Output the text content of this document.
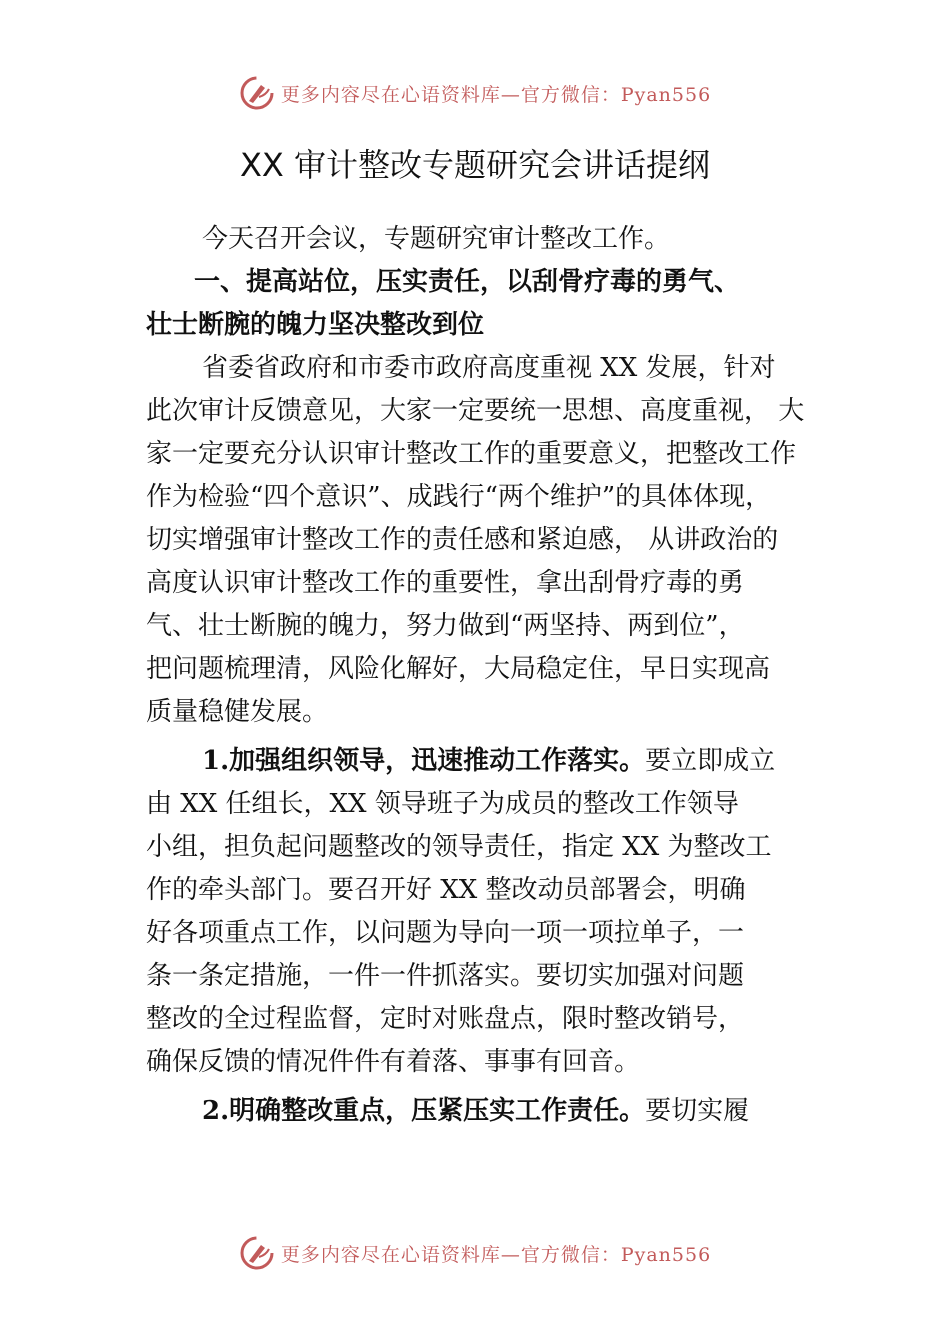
更多内容尽在心语资料库—官方微信：Pyan556
XX 审计整改专题研究会讲话提纲
今天召开会议，专题研究审计整改工作。
一、提高站位，压实责任，以刮骨疗毒的勇气、
壮士断腕的魄力坚决整改到位
省委省政府和市委市政府高度重视 XX 发展，针对
此次审计反馈意见，大家一定要统一思想、高度重视， 大
家一定要充分认识审计整改工作的重要意义，把整改工作
作为检验“四个意识”、成践行“两个维护”的具体体现，
切实增强审计整改工作的责任感和紧迫感， 从讲政治的
高度认识审计整改工作的重要性，拿出刮骨疗毒的勇
气、壮士断腕的魄力，努力做到“两坚持、两到位”，
把问题梳理清，风险化解好，大局稳定住，早日实现高
质量稳健发展。
1.加强组织领导，迅速推动工作落实。要立即成立
由 XX 任组长，XX 领导班子为成员的整改工作领导
小组，担负起问题整改的领导责任，指定 XX 为整改工
作的牵头部门。要召开好 XX 整改动员部署会，明确
好各项重点工作，以问题为导向一项一项拉单子，一
条一条定措施，一件一件抓落实。要切实加强对问题
整改的全过程监督，定时对账盘点，限时整改销号，
确保反馈的情况件件有着落、事事有回音。
2.明确整改重点，压紧压实工作责任。要切实履
更多内容尽在心语资料库—官方微信：Pyan556
